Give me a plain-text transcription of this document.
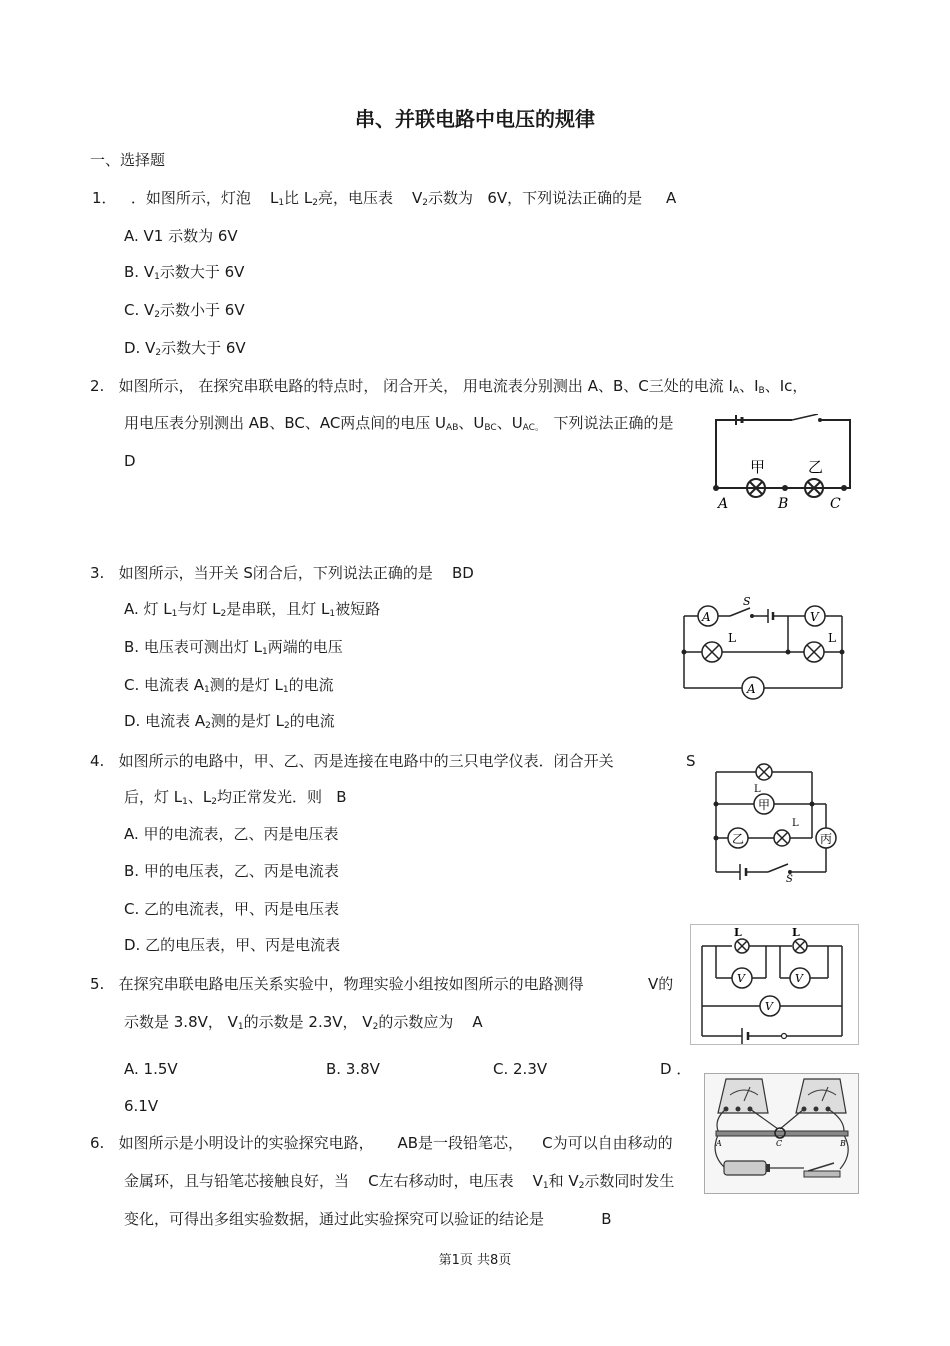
串、并联电路中电压的规律
一、选择题
1． ．如图所示，灯泡 $L_1$比 $L_2$亮，电压表 $V_2$示数为 6V，下列说法正确的是 A
A. V1 示数为 6V
B. $V_1$示数大于 6V
C. $V_2$示数小于 6V
D. $V_2$示数大于 6V
2. 如图所示， 在探究串联电路的特点时， 闭合开关， 用电流表分别测出 A、B、C三处的电流 $I_A$、$I_B$、Ic，
用电压表分别测出 AB、BC、AC两点间的电压 $U_{AB}$、$U_{BC}$、$U_{AC。}$ 下列说法正确的是
D	甲	乙
A	B	C
3. 如图所示，当开关 S闭合后，下列说法正确的是 BD
A. 灯 $L_1$与灯 $L_2$是串联，且灯 $L_1$被短路
B. 电压表可测出灯 $L_1$两端的电压
C. 电流表 $A_1$测的是灯 $L_1$的电流
D. 电流表 $A_2$测的是灯 $L_2$的电流
A
S
V
L	L
A
4. 如图所示的电路中，甲、乙、丙是连接在电路中的三只电学仪表．闭合开关	S
后，灯 $L_1$、$L_2$均正常发光．则 B
A. 甲的电流表，乙、丙是电压表
B. 甲的电压表，乙、丙是电流表
C. 乙的电流表，甲、丙是电压表
D. 乙的电压表，甲、丙是电流表
L
L
甲
乙	丙
S
5. 在探究串联电路电压关系实验中，物理实验小组按如图所示的电路测得	V的
示数是 3.8V， $V_1$的示数是 2.3V， $V_2$的示数应为 A
A. 1.5V	B. 3.8V	C. 2.3V	D ．
6.1V
L	L
V	V
V
6. 如图所示是小明设计的实验探究电路， AB是一段铅笔芯， C为可以自由移动的
金属环，且与铅笔芯接触良好，当 C左右移动时，电压表 $V_1$和 $V_2$示数同时发生
变化，可得出多组实验数据，通过此实验探究可以验证的结论是	B
A	C	B
第1页 共8页
